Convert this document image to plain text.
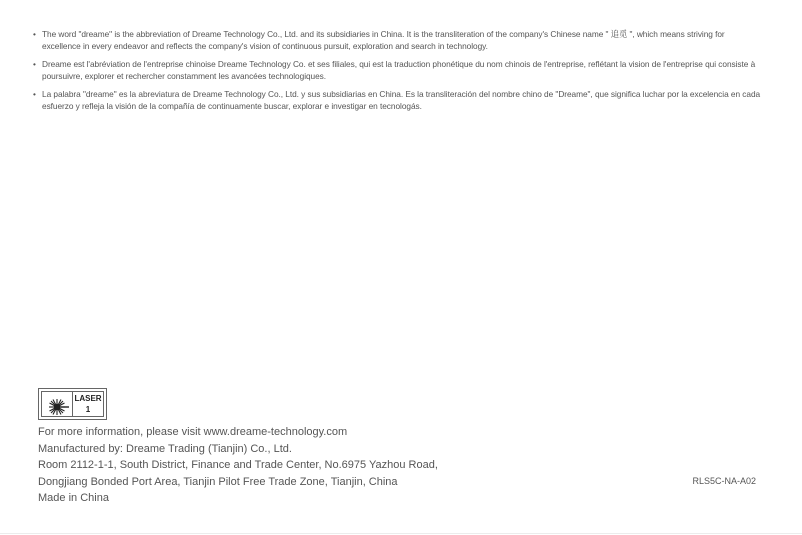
• The word "dreame" is the abbreviation of Dreame Technology Co., Ltd. and its subsidiaries in China. It is the transliteration of the company's Chinese name " 追觅 ", which means striving for excellence in every endeavor and reflects the company's vision of continuous pursuit, exploration and search in technology.
• Dreame est l'abréviation de l'entreprise chinoise Dreame Technology Co. et ses filiales, qui est la traduction phonétique du nom chinois de l'entreprise, reflétant la vision de l'entreprise qui consiste à poursuivre, explorer et rechercher constamment les avancées technologiques.
• La palabra "dreame" es la abreviatura de Dreame Technology Co., Ltd. y sus subsidiarias en China. Es la transliteración del nombre chino de "Dreame", que significa luchar por la excelencia en cada esfuerzo y refleja la visión de la compañía de continuamente buscar, explorar e investigar en tecnologás.
LASER
1
For more information, please visit www.dreame-technology.com
Manufactured by: Dreame Trading (Tianjin) Co., Ltd.
Room 2112-1-1, South District, Finance and Trade Center, No.6975 Yazhou Road,
Dongjiang Bonded Port Area, Tianjin Pilot Free Trade Zone, Tianjin, China
Made in China
RLS5C-NA-A02
